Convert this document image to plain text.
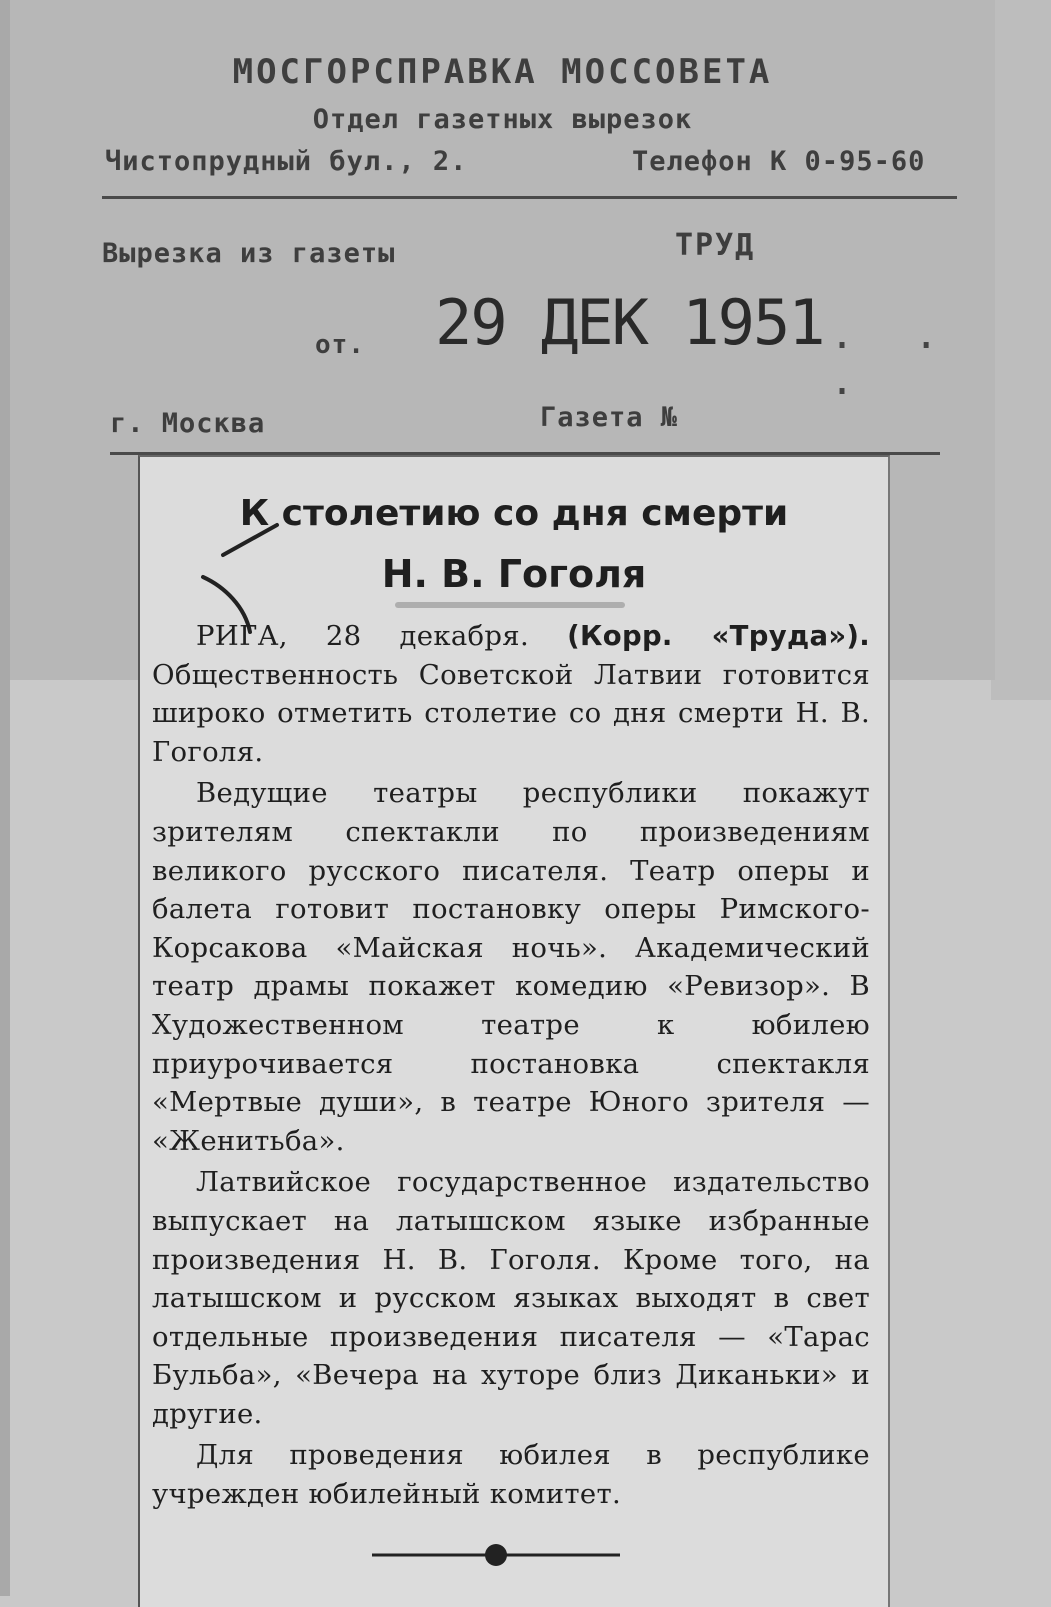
МОСГОРСПРАВКА МОССОВЕТА
Отдел газетных вырезок
Чистопрудный бул., 2.	Телефон К 0-95-60
Вырезка из газеты	ТРУД
от. 29 ДЕК 1951 . . .
г. Москва	Газета №
К столетию со дня смерти
Н. В. Гоголя

РИГА, 28 декабря. (Корр. «Труда»). Общественность Советской Латвии готовится широко отметить столетие со дня смерти Н. В. Гоголя.

Ведущие театры республики покажут зрителям спектакли по произведениям великого русского писателя. Театр оперы и балета готовит постановку оперы Римского-Корсакова «Майская ночь». Академический театр драмы покажет комедию «Ревизор». В Художественном театре к юбилею приурочивается постановка спектакля «Мертвые души», в театре Юного зрителя — «Женитьба».

Латвийское государственное издательство выпускает на латышском языке избранные произведения Н. В. Гоголя. Кроме того, на латышском и русском языках выходят в свет отдельные произведения писателя — «Тарас Бульба», «Вечера на хуторе близ Диканьки» и другие.

Для проведения юбилея в республике учрежден юбилейный комитет.
